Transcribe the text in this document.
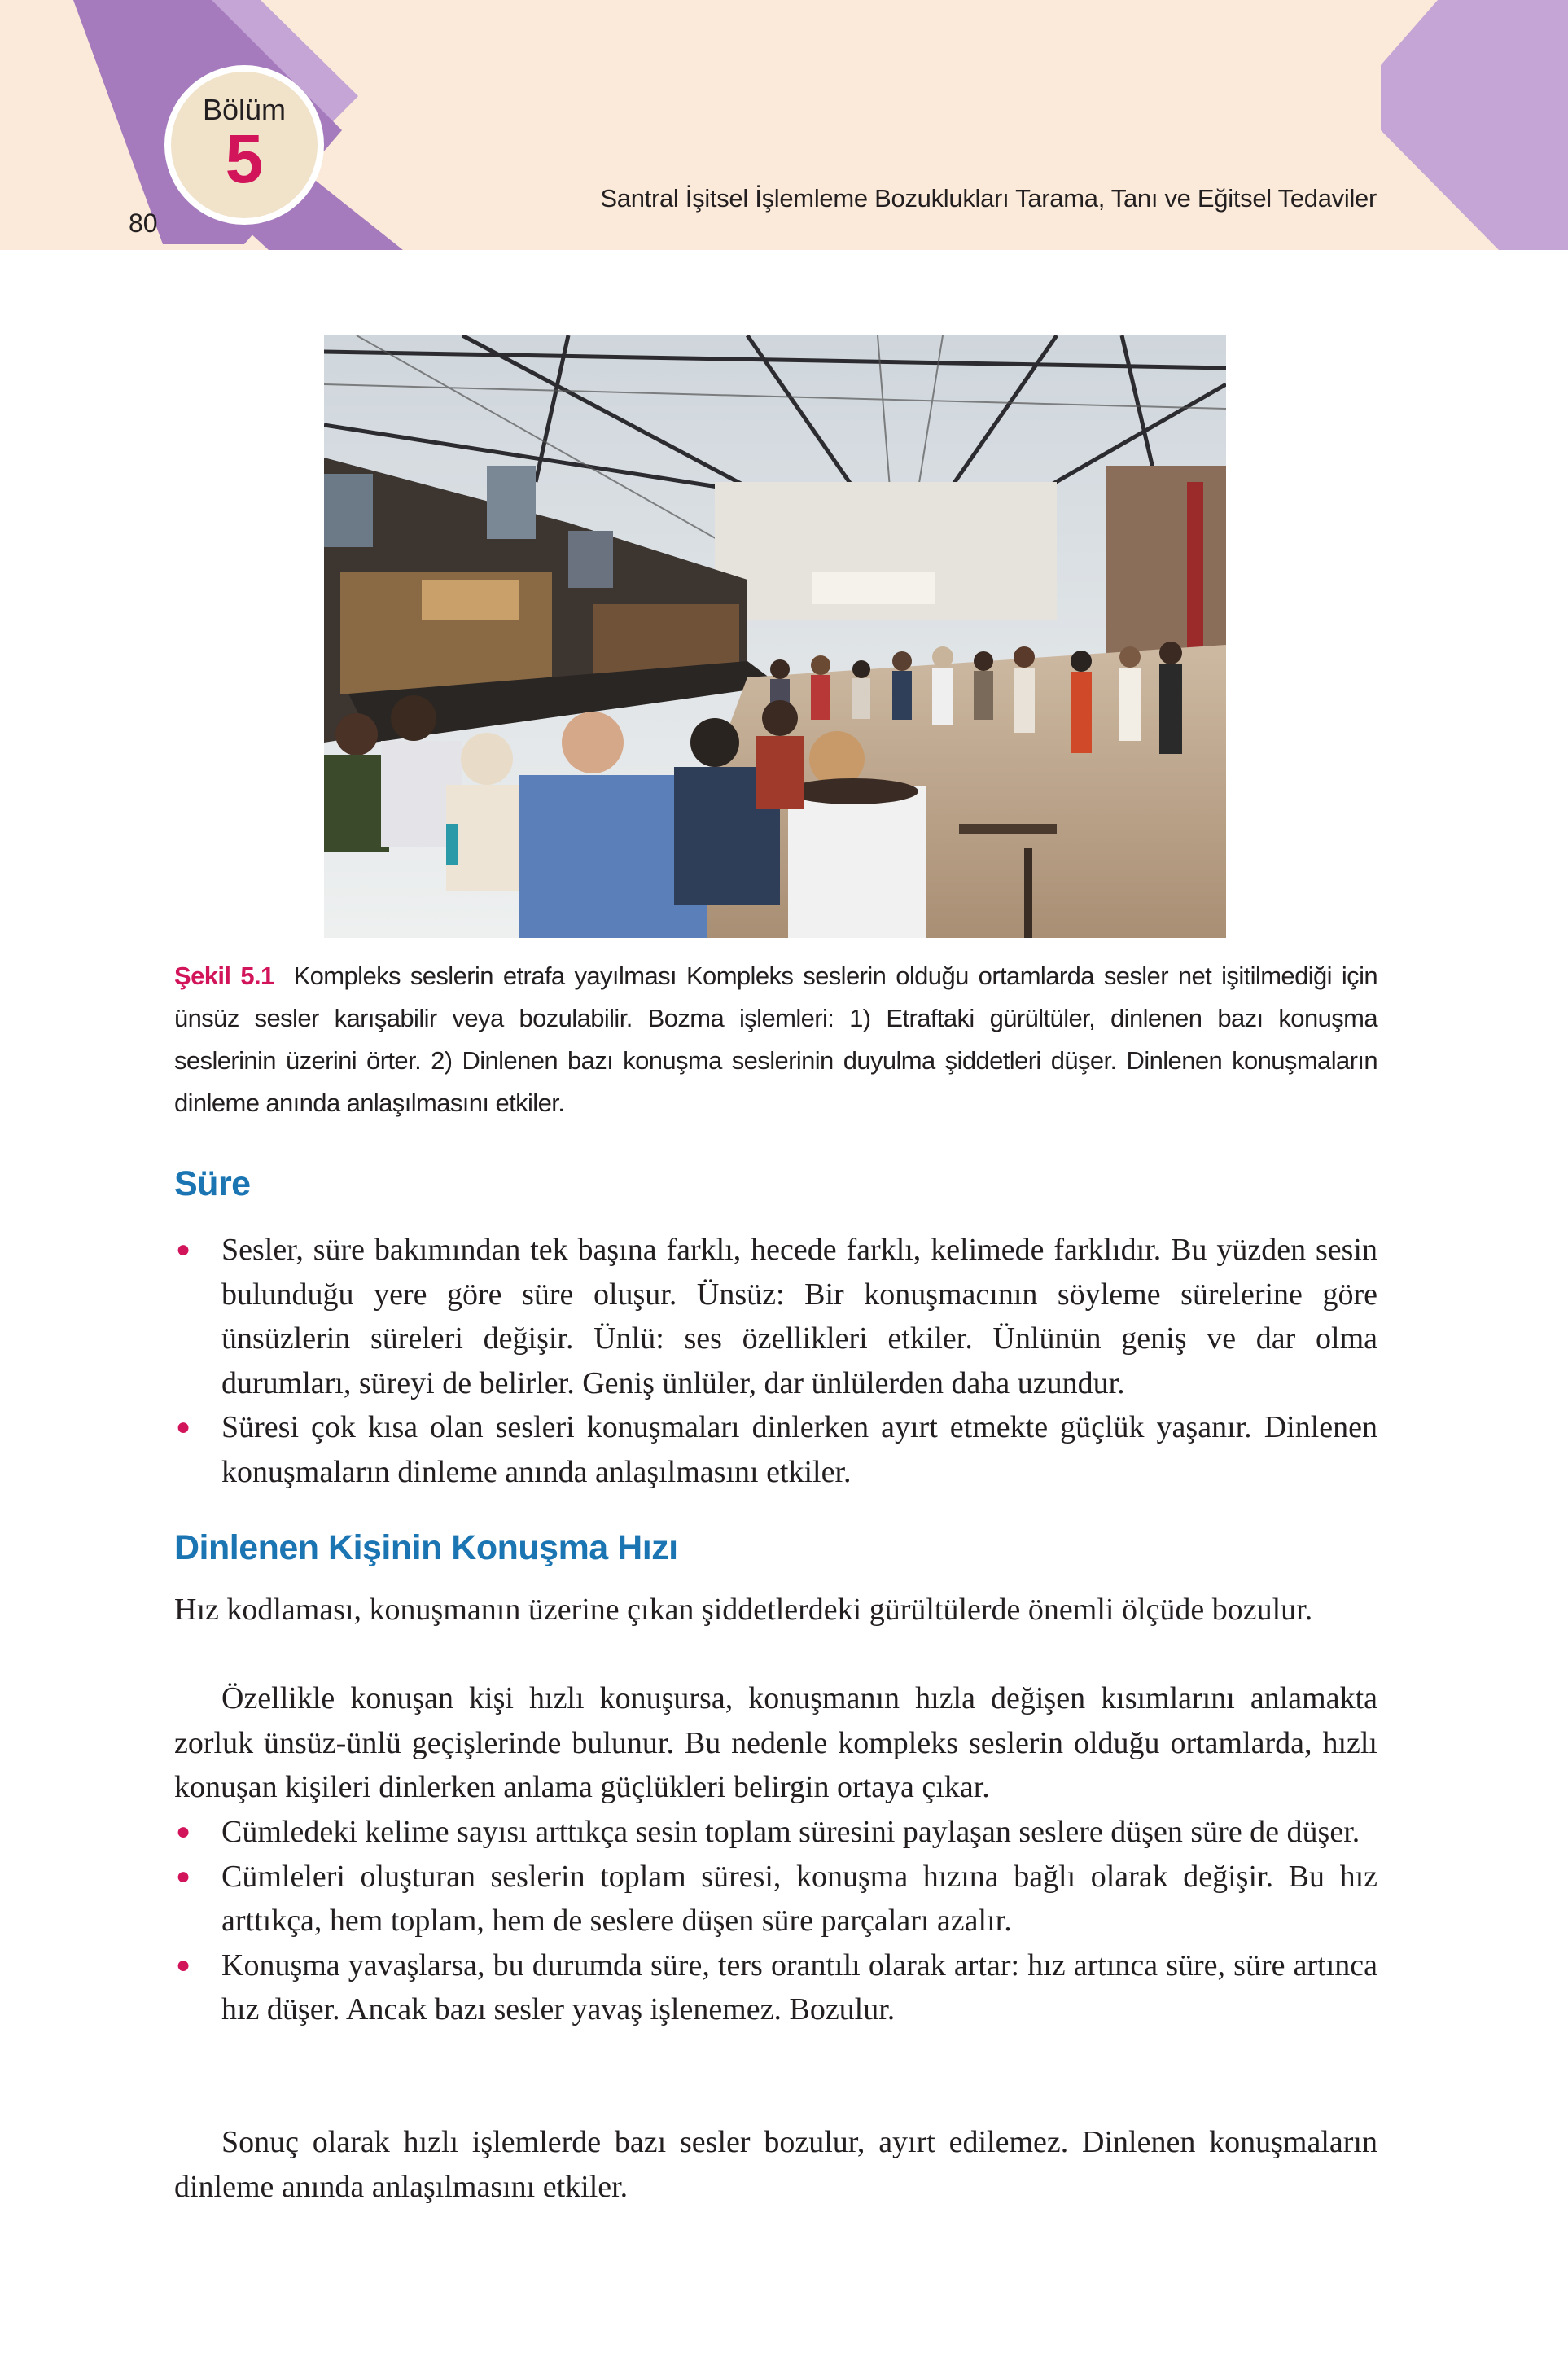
Bölüm
5
80
Santral İşitsel İşlemleme Bozuklukları Tarama, Tanı ve Eğitsel Tedaviler
Şekil 5.1 Kompleks seslerin etrafa yayılması Kompleks seslerin olduğu ortamlarda sesler net işitilmediği için ünsüz sesler karışabilir veya bozulabilir. Bozma işlemleri: 1) Etraftaki gürültüler, dinlenen bazı konuşma seslerinin üzerini örter. 2) Dinlenen bazı konuşma seslerinin duyulma şiddetleri düşer. Dinlenen konuşmaların dinleme anında anlaşılmasını etkiler.
Süre
● Sesler, süre bakımından tek başına farklı, hecede farklı, kelimede farklıdır. Bu yüzden sesin bulunduğu yere göre süre oluşur. Ünsüz: Bir konuşmacının söyleme sürelerine göre ünsüzlerin süreleri değişir. Ünlü: ses özellikleri etkiler. Ünlünün geniş ve dar olma durumları, süreyi de belirler. Geniş ünlüler, dar ünlülerden daha uzundur.
● Süresi çok kısa olan sesleri konuşmaları dinlerken ayırt etmekte güçlük yaşanır. Dinlenen konuşmaların dinleme anında anlaşılmasını etkiler.
Dinlenen Kişinin Konuşma Hızı

Hız kodlaması, konuşmanın üzerine çıkan şiddetlerdeki gürültülerde önemli ölçüde bozulur.

Özellikle konuşan kişi hızlı konuşursa, konuşmanın hızla değişen kısımlarını anlamakta zorluk ünsüz-ünlü geçişlerinde bulunur. Bu nedenle kompleks seslerin olduğu ortamlarda, hızlı konuşan kişileri dinlerken anlama güçlükleri belirgin ortaya çıkar.

● Cümledeki kelime sayısı arttıkça sesin toplam süresini paylaşan seslere düşen süre de düşer.
● Cümleleri oluşturan seslerin toplam süresi, konuşma hızına bağlı olarak değişir. Bu hız arttıkça, hem toplam, hem de seslere düşen süre parçaları azalır.
● Konuşma yavaşlarsa, bu durumda süre, ters orantılı olarak artar: hız artınca süre, süre artınca hız düşer. Ancak bazı sesler yavaş işlenemez. Bozulur.

Sonuç olarak hızlı işlemlerde bazı sesler bozulur, ayırt edilemez. Dinlenen konuşmaların dinleme anında anlaşılmasını etkiler.
